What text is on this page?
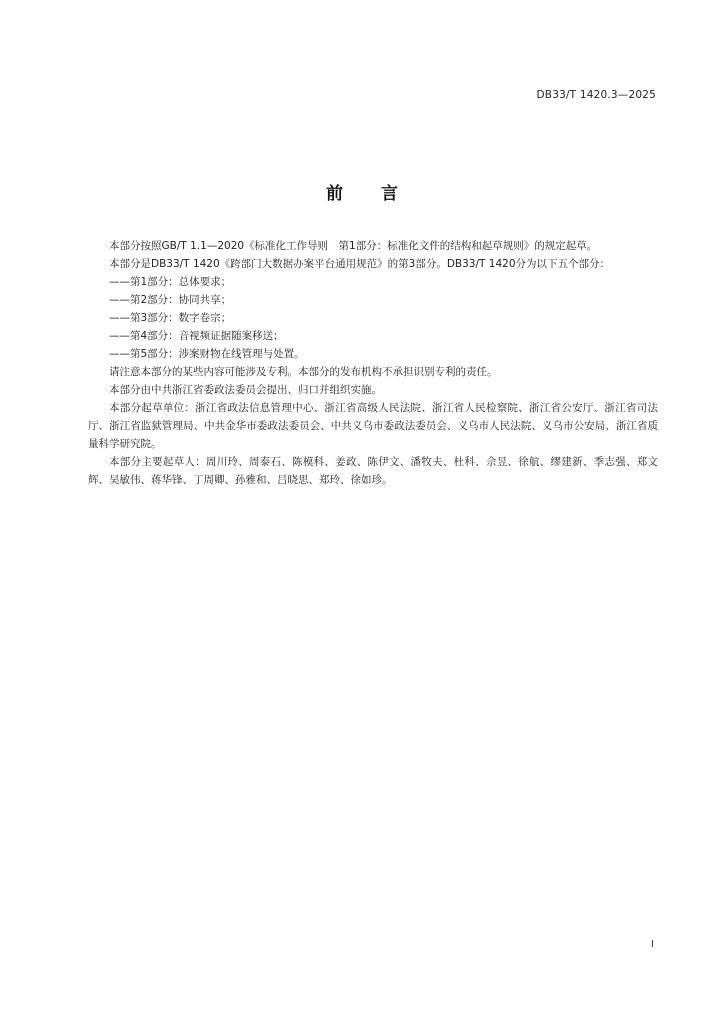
DB33/T 1420.3—2025
前言

本部分按照GB/T 1.1—2020《标准化工作导则　第1部分：标准化文件的结构和起草规则》的规定起草。

本部分是DB33/T 1420《跨部门大数据办案平台通用规范》的第3部分。DB33/T 1420分为以下五个部分：

——第1部分：总体要求；

——第2部分：协同共享；

——第3部分：数字卷宗；

——第4部分：音视频证据随案移送；

——第5部分：涉案财物在线管理与处置。

请注意本部分的某些内容可能涉及专利。本部分的发布机构不承担识别专利的责任。

本部分由中共浙江省委政法委员会提出、归口并组织实施。

本部分起草单位：浙江省政法信息管理中心、浙江省高级人民法院、浙江省人民检察院、浙江省公安厅、浙江省司法厅、浙江省监狱管理局、中共金华市委政法委员会、中共义乌市委政法委员会、义乌市人民法院、义乌市公安局、浙江省质量科学研究院。

本部分主要起草人：周川玲、周泰石、陈模科、姜政、陈伊文、潘牧夫、杜科、佘昱、徐航、缪建新、季志强、郑文辉、吴敏伟、蒋华锋、丁周卿、孙雅和、吕晓思、郑玲、徐如珍。

I
